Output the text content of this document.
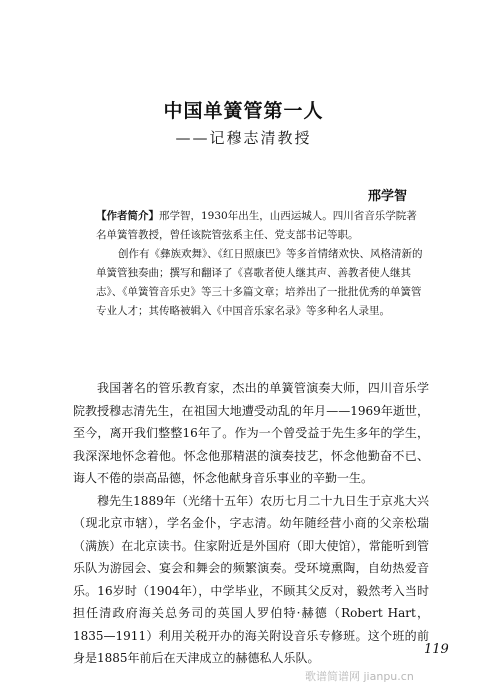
中国单簧管第一人
——记穆志清教授
邢学智

【作者简介】邢学智，1930年出生，山西运城人。四川省音乐学院著名单簧管教授，曾任该院管弦系主任、党支部书记等职。

创作有《彝族欢舞》、《红日照康巴》等多首情绪欢快、风格清新的单簧管独奏曲；撰写和翻译了《喜歌者使人继其声、善教者使人继其志》、《单簧管音乐史》等三十多篇文章；培养出了一批批优秀的单簧管专业人才；其传略被辑入《中国音乐家名录》等多种名人录里。

我国著名的管乐教育家，杰出的单簧管演奏大师，四川音乐学院教授穆志清先生，在祖国大地遭受动乱的年月——1969年逝世，至今，离开我们整整16年了。作为一个曾受益于先生多年的学生，我深深地怀念着他。怀念他那精湛的演奏技艺，怀念他勤奋不已、诲人不倦的崇高品德，怀念他献身音乐事业的辛勤一生。

穆先生1889年（光绪十五年）农历七月二十九日生于京兆大兴（现北京市辖），学名金仆，字志清。幼年随经营小商的父亲松瑞（满族）在北京读书。住家附近是外国府（即大使馆），常能听到管乐队为游园会、宴会和舞会的频繁演奏。受环境熏陶，自幼热爱音乐。16岁时（1904年），中学毕业，不顾其父反对，毅然考入当时担任清政府海关总务司的英国人罗伯特·赫德（Robert Hart，1835—1911）利用关税开办的海关附设音乐专修班。这个班的前身是1885年前后在天津成立的赫德私人乐队。

119
歌谱简谱网 jianpu.cn
